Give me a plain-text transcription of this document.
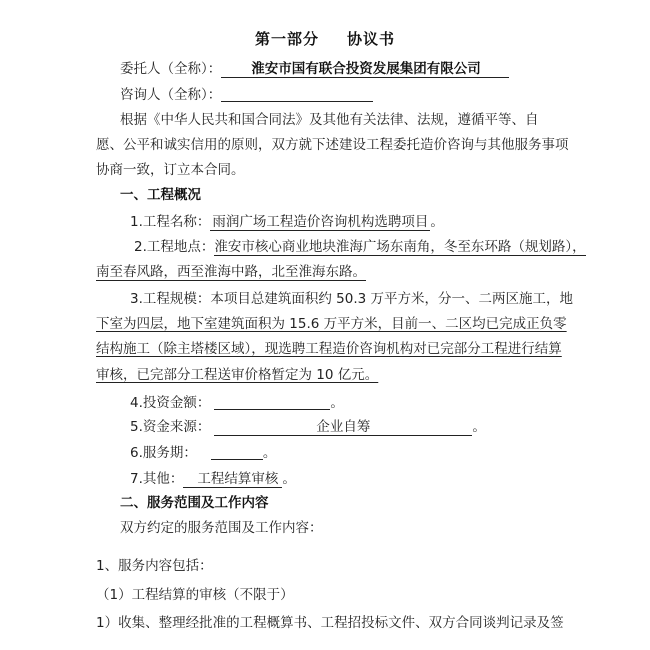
第一部分 协议书
委托人（全称）： 淮安市国有联合投资发展集团有限公司
咨询人（全称）：
根据《中华人民共和国合同法》及其他有关法律、法规，遵循平等、自
愿、公平和诚实信用的原则，双方就下述建设工程委托造价咨询与其他服务事项
协商一致，订立本合同。
一、工程概况
1.工程名称： 雨润广场工程造价咨询机构选聘项目 。
2.工程地点：淮安市核心商业地块淮海广场东南角，冬至东环路（规划路），
南至春风路，西至淮海中路，北至淮海东路。
3.工程规模：本项目总建筑面积约 50.3 万平方米，分一、二两区施工，地
下室为四层，地下室建筑面积为 15.6 万平方米，目前一、二区均已完成正负零
结构施工（除主塔楼区域），现选聘工程造价咨询机构对已完部分工程进行结算
审核，已完部分工程送审价格暂定为 10 亿元。
4.投资金额：	。
5.资金来源：	企业自筹	。
6.服务期：	。
7.其他： 工程结算审核 。
二、服务范围及工作内容
双方约定的服务范围及工作内容：
1、服务内容包括：
（1）工程结算的审核（不限于）
1）收集、整理经批准的工程概算书、工程招投标文件、双方合同谈判记录及签
